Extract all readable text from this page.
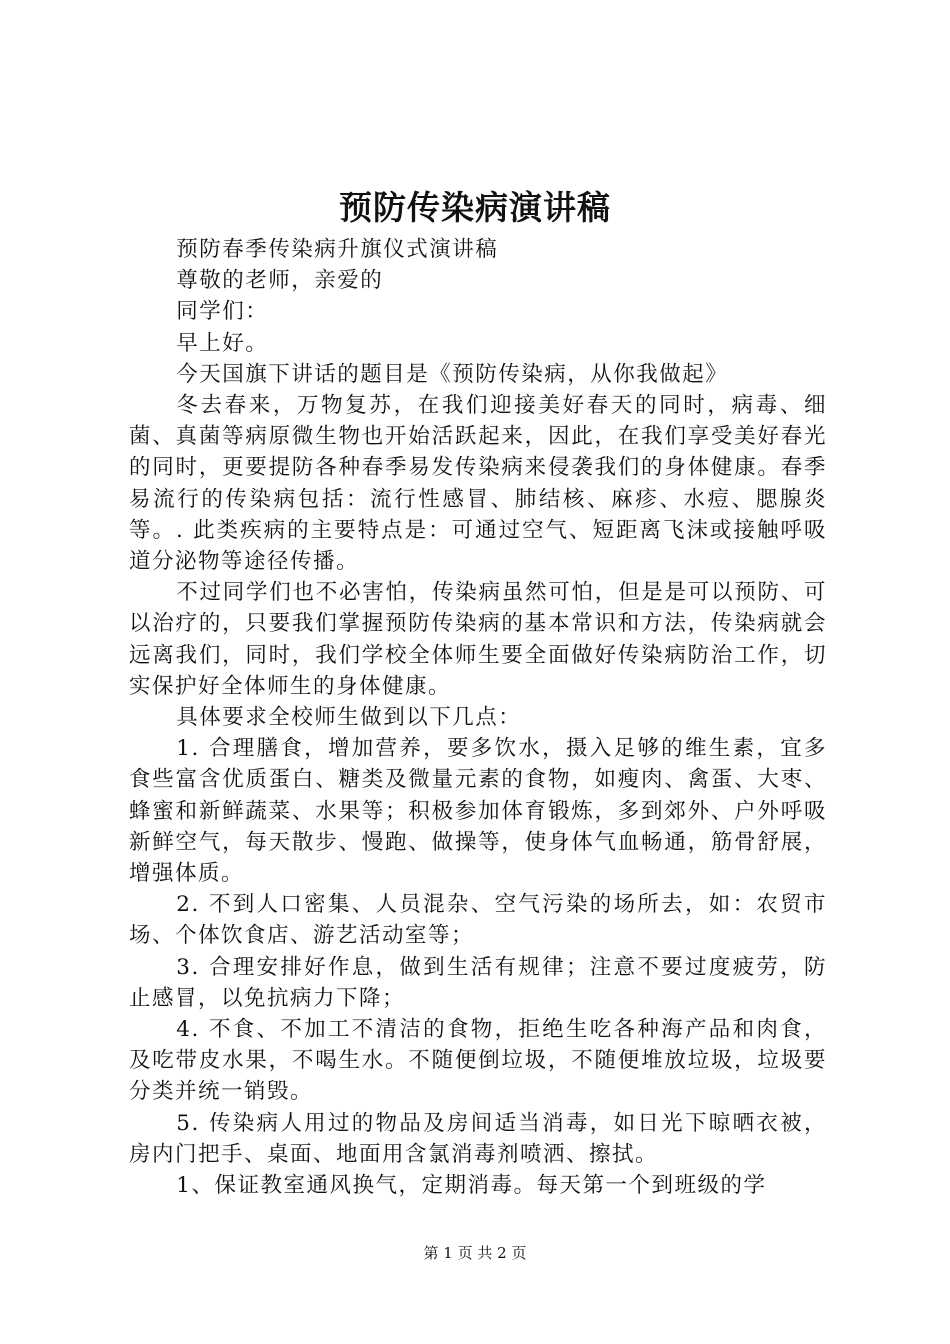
预防传染病演讲稿

预防春季传染病升旗仪式演讲稿

尊敬的老师，亲爱的

同学们：

早上好。

今天国旗下讲话的题目是《预防传染病，从你我做起》

冬去春来，万物复苏，在我们迎接美好春天的同时，病毒、细菌、真菌等病原微生物也开始活跃起来，因此，在我们享受美好春光的同时，更要提防各种春季易发传染病来侵袭我们的身体健康。春季易流行的传染病包括：流行性感冒、肺结核、麻疹、水痘、腮腺炎等。. 此类疾病的主要特点是：可通过空气、短距离飞沫或接触呼吸道分泌物等途径传播。

不过同学们也不必害怕，传染病虽然可怕，但是是可以预防、可以治疗的，只要我们掌握预防传染病的基本常识和方法，传染病就会远离我们，同时，我们学校全体师生要全面做好传染病防治工作，切实保护好全体师生的身体健康。

具体要求全校师生做到以下几点：

1. 合理膳食，增加营养，要多饮水，摄入足够的维生素，宜多食些富含优质蛋白、糖类及微量元素的食物，如瘦肉、禽蛋、大枣、蜂蜜和新鲜蔬菜、水果等；积极参加体育锻炼，多到郊外、户外呼吸新鲜空气，每天散步、慢跑、做操等，使身体气血畅通，筋骨舒展，增强体质。

2. 不到人口密集、人员混杂、空气污染的场所去，如：农贸市场、个体饮食店、游艺活动室等；

3. 合理安排好作息，做到生活有规律；注意不要过度疲劳，防止感冒，以免抗病力下降；

4. 不食、不加工不清洁的食物，拒绝生吃各种海产品和肉食，及吃带皮水果，不喝生水。不随便倒垃圾，不随便堆放垃圾，垃圾要分类并统一销毁。

5. 传染病人用过的物品及房间适当消毒，如日光下晾晒衣被，房内门把手、桌面、地面用含氯消毒剂喷洒、擦拭。

1、保证教室通风换气，定期消毒。每天第一个到班级的学

第 1 页 共 2 页
